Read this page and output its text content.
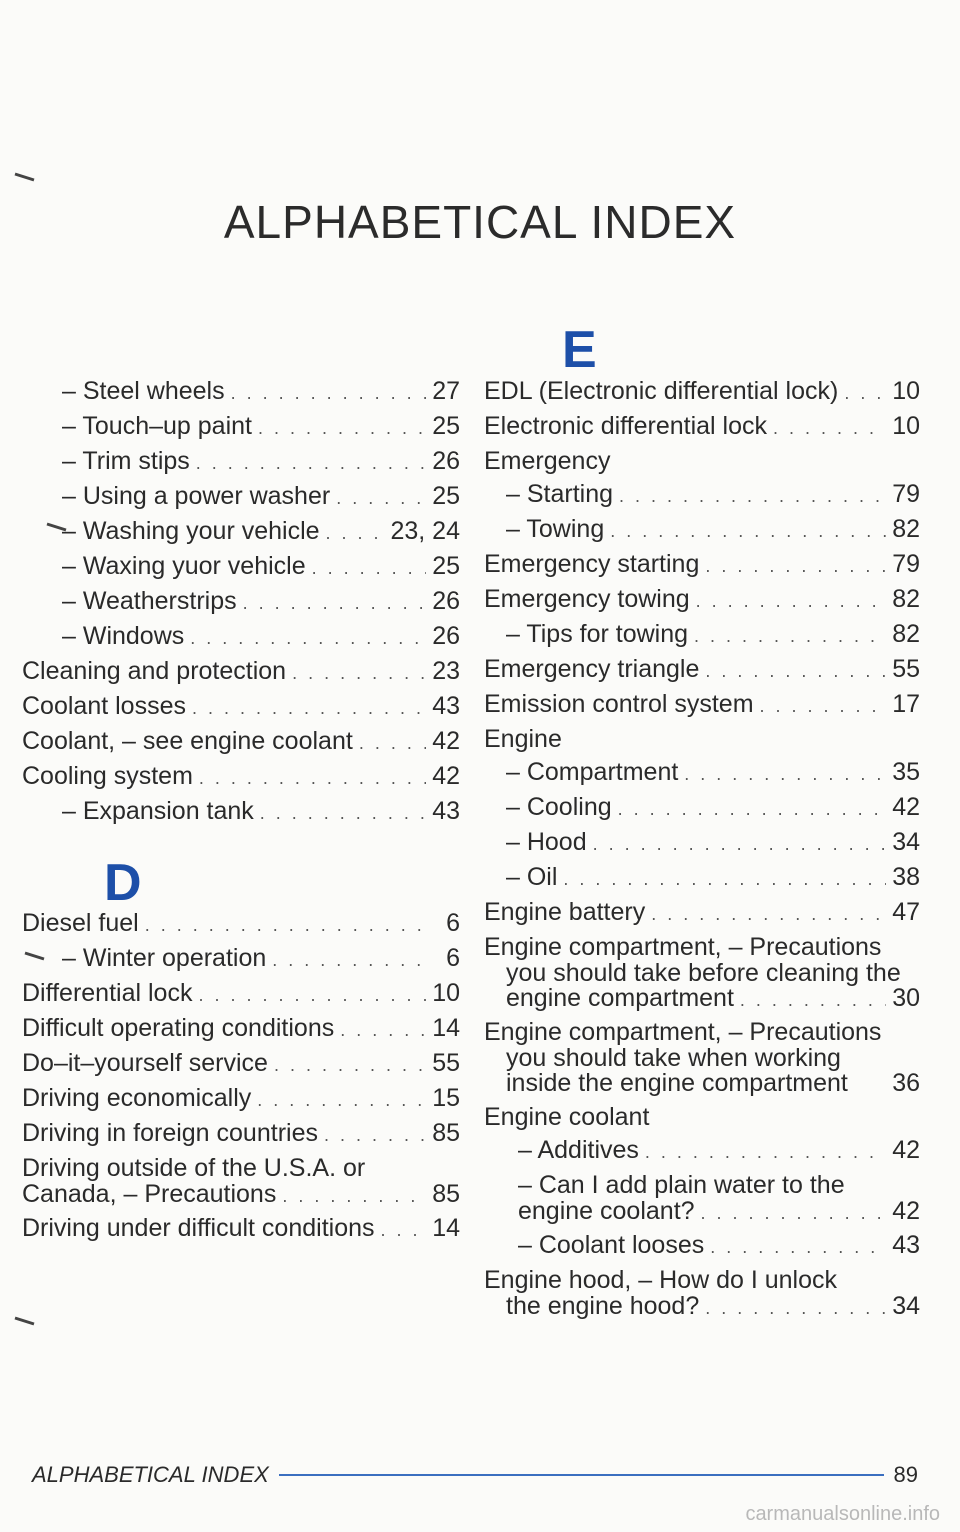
ALPHABETICAL INDEX
– Steel wheels . . .	27
– Touch–up paint . . .	25
– Trim stips . . .	26
– Using a power washer . . .	25
– Washing your vehicle . . .	23, 24
– Waxing yuor vehicle . . .	25
– Weatherstrips . . .	26
– Windows . . .	26
Cleaning and protection . . .	23
Coolant losses . . .	43
Coolant, – see engine coolant . . .	42
Cooling system . . .	42
– Expansion tank . . .	43
D
Diesel fuel . . .	6
– Winter operation . . .	6
Differential lock . . .	10
Difficult operating conditions . . .	14
Do–it–yourself service . . .	55
Driving economically . . .	15
Driving in foreign countries . . .	85
Driving outside of the U.S.A. or
Canada, – Precautions . . .	85
Driving under difficult conditions . . . 14
E
EDL (Electronic differential lock) . . . 10
Electronic differential lock . . .	10
Emergency
– Starting . . .	79
– Towing . . .	82
Emergency starting . . .	79
Emergency towing . . .	82
– Tips for towing . . .	82
Emergency triangle . . .	55
Emission control system . . .	17
Engine
– Compartment . . .	35
– Cooling . . .	42
– Hood . . .	34
– Oil . . .	38
Engine battery . . .	47
Engine compartment, – Precautions
you should take before cleaning the
engine compartment . . .	30
Engine compartment, – Precautions
you should take when working
inside the engine compartment 36
Engine coolant
– Additives . . .	42
– Can I add plain water to the
engine coolant? . . .	42
– Coolant looses . . .	43
Engine hood, – How do I unlock
the engine hood? . . .	34
ALPHABETICAL INDEX	89
carmanualsonline.info
